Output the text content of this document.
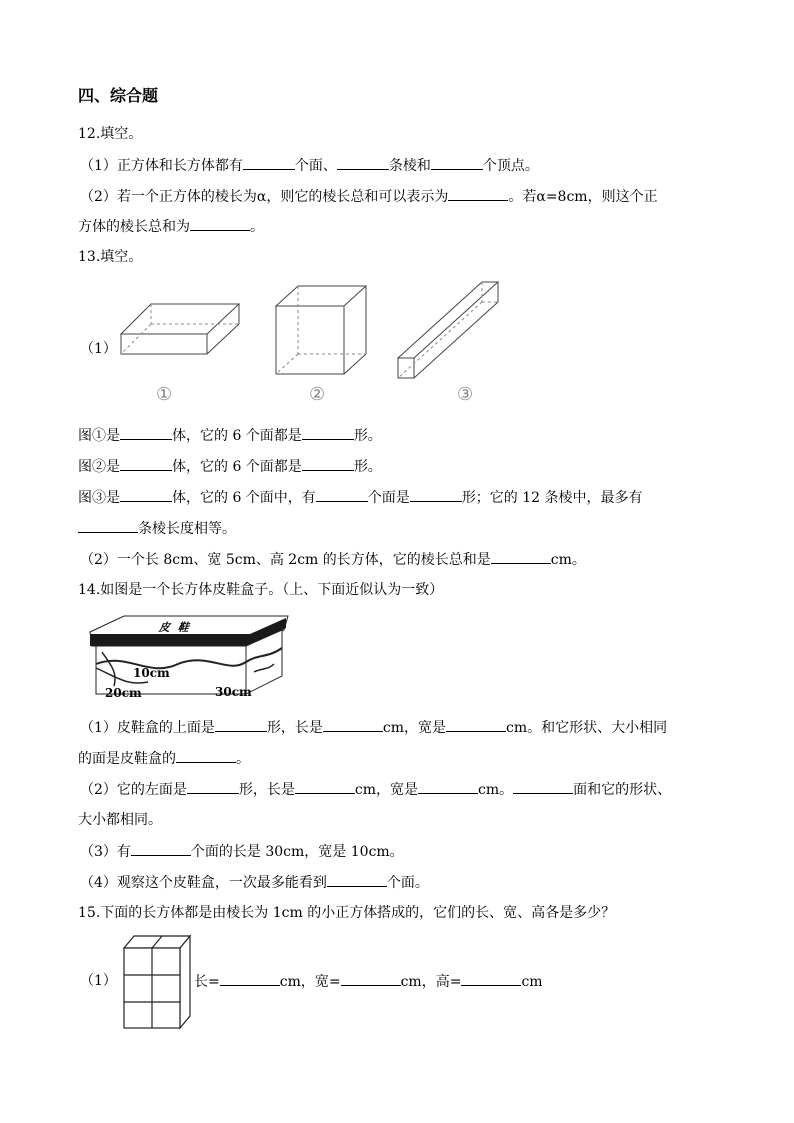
四、综合题
12.填空。
（1）正方体和长方体都有	个面、	条棱和	个顶点。
（2）若一个正方体的棱长为α，则它的棱长总和可以表示为	。若α=8cm，则这个正
方体的棱长总和为	。
13.填空。
（1）
①	②	③
图①是	体，它的 6 个面都是	形。
图②是	体，它的 6 个面都是	形。
图③是	体，它的 6 个面中，有	个面是	形；它的 12 条棱中，最多有
条棱长度相等。
（2）一个长 8cm、宽 5cm、高 2cm 的长方体，它的棱长总和是	cm。
14.如图是一个长方体皮鞋盒子。（上、下面近似认为一致）
皮 鞋
10cm
20cm	30cm
（1）皮鞋盒的上面是	形，长是	cm，宽是	cm。和它形状、大小相同
的面是皮鞋盒的	。
（2）它的左面是	形，长是	cm，宽是	cm。	面和它的形状、
大小都相同。
（3）有	个面的长是 30cm，宽是 10cm。
（4）观察这个皮鞋盒，一次最多能看到	个面。
15.下面的长方体都是由棱长为 1cm 的小正方体搭成的，它们的长、宽、高各是多少？
（1）	长=	cm，宽=	cm，高=	cm
